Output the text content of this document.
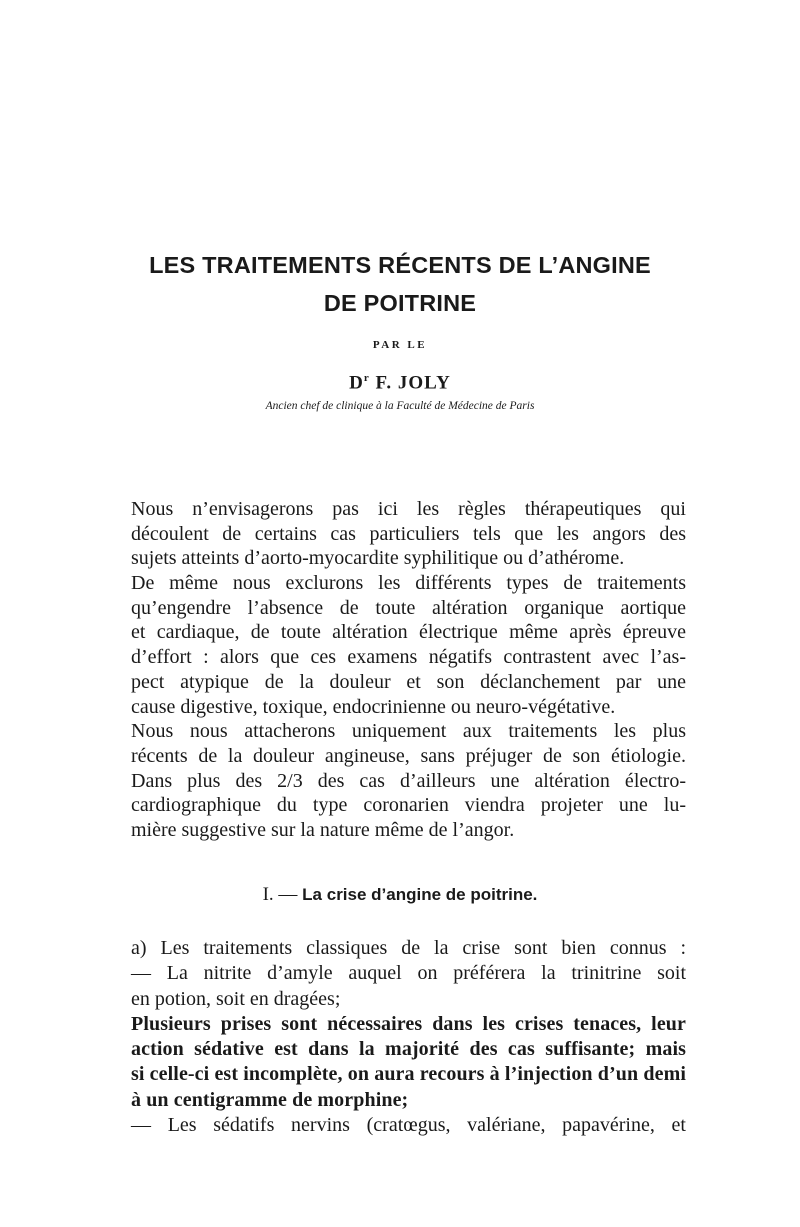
LES TRAITEMENTS RÉCENTS DE L’ANGINE
DE POITRINE

PAR LE

$D^r$ F. JOLY

Ancien chef de clinique à la Faculté de Médecine de Paris

Nous n’envisagerons pas ici les règles thérapeutiques qui
découlent de certains cas particuliers tels que les angors des
sujets atteints d’aorto-myocardite syphilitique ou d’athérome.
De même nous exclurons les différents types de traitements
qu’engendre l’absence de toute altération organique aortique
et cardiaque, de toute altération électrique même après épreuve
d’effort : alors que ces examens négatifs contrastent avec l’as-
pect atypique de la douleur et son déclanchement par une
cause digestive, toxique, endocrinienne ou neuro-végétative.
Nous nous attacherons uniquement aux traitements les plus
récents de la douleur angineuse, sans préjuger de son étiologie.
Dans plus des 2/3 des cas d’ailleurs une altération électro-
cardiographique du type coronarien viendra projeter une lu-
mière suggestive sur la nature même de l’angor.
I. — La crise d’angine de poitrine.
a) Les traitements classiques de la crise sont bien connus :
— La nitrite d’amyle auquel on préférera la trinitrine soit
en potion, soit en dragées;
Plusieurs prises sont nécessaires dans les crises tenaces, leur
action sédative est dans la majorité des cas suffisante; mais
si celle-ci est incomplète, on aura recours à l’injection d’un demi
à un centigramme de morphine;
— Les sédatifs nervins (cratœgus, valériane, papavérine, et
